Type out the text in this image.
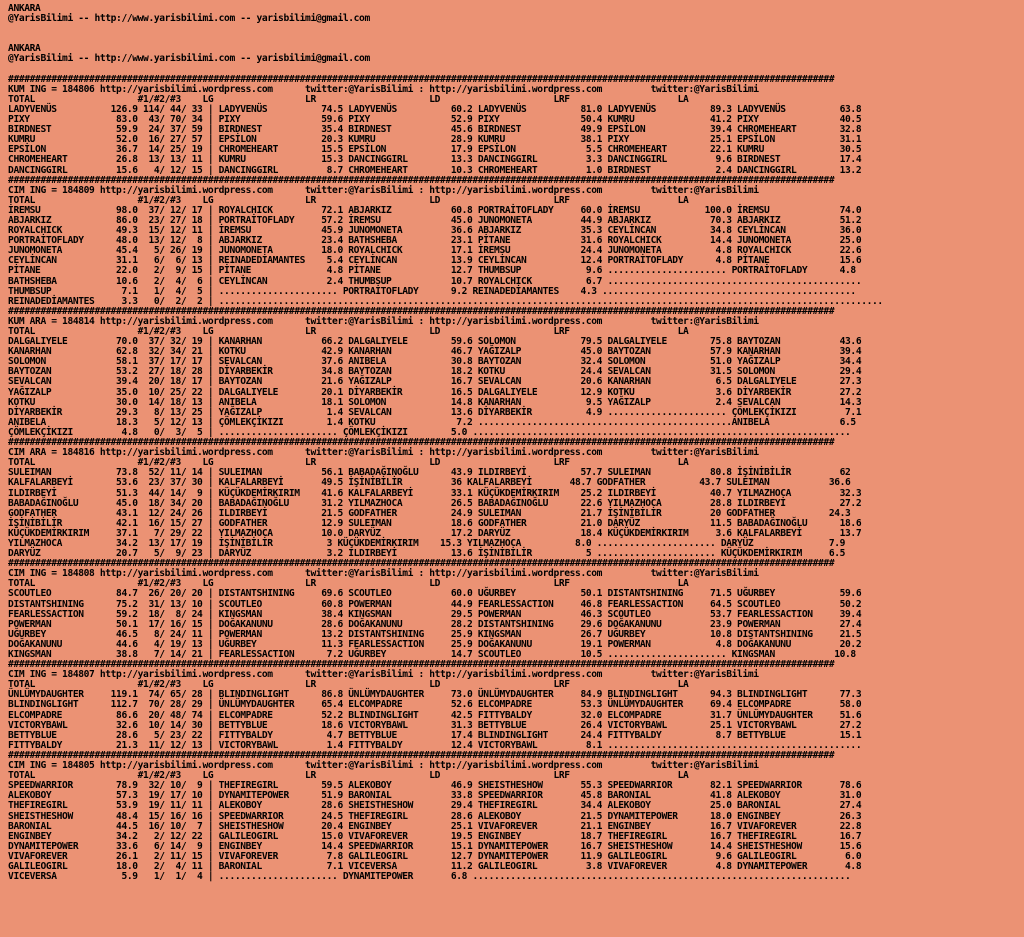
ANKARA
@YarisBilimi -- http://www.yarisbilimi.com -- yarisbilimi@gmail.com
ANKARA
@YarisBilimi -- http://www.yarisbilimi.com -- yarisbilimi@gmail.com
#########################################################################################################################################################
KUM ING = 184806 http://yarisbilimi.wordpress.com      twitter:@YarisBilimi : http://yarisbilimi.wordpress.com         twitter:@YarisBilimi
TOTAL                   #1/#2/#3    LG                 LR                     LD                     LRF                    LA
LADYVENÜS          126.9 114/ 44/ 33 | LADYVENÜS          74.5 LADYVENÜS          60.2 LADYVENÜS          81.0 LADYVENÜS          89.3 LADYVENÜS          63.8
PIXY                83.0  43/ 70/ 34 | PIXY               59.6 PIXY               52.9 PIXY               50.4 KUMRU              41.2 PIXY               40.5
BIRDNEST            59.9  24/ 37/ 59 | BIRDNEST           35.4 BIRDNEST           45.6 BIRDNEST           49.9 EPSİLON            39.4 CHROMEHEART        32.8
KUMRU               52.0  16/ 27/ 57 | EPSİLON            20.3 KUMRU              28.9 KUMRU              38.1 PIXY               25.1 EPSİLON            31.1
EPSİLON             36.7  14/ 25/ 19 | CHROMEHEART        15.5 EPSİLON            17.9 EPSİLON             5.5 CHROMEHEART        22.1 KUMRU              30.5
CHROMEHEART         26.8  13/ 13/ 11 | KUMRU              15.3 DANCINGGIRL        13.3 DANCINGGIRL         3.3 DANCINGGIRL         9.6 BIRDNEST           17.4
DANCINGGIRL         15.6   4/ 12/ 15 | DANCINGGIRL         8.7 CHROMEHEART        10.3 CHROMEHEART         1.0 BIRDNEST            2.4 DANCINGGIRL        13.2
#########################################################################################################################################################
CIM ING = 184809 http://yarisbilimi.wordpress.com      twitter:@YarisBilimi : http://yarisbilimi.wordpress.com         twitter:@YarisBilimi
TOTAL                   #1/#2/#3    LG                 LR                     LD                     LRF                    LA
İREMSU              98.0  37/ 12/ 17 | ROYALCHICK         72.1 ABJARKIZ           60.8 PORTRAİTOFLADY     60.0 İREMSU            100.0 İREMSU             74.0
ABJARKIZ            86.0  23/ 27/ 18 | PORTRAİTOFLADY     57.2 İREMSU             45.0 JUNOMONETA         44.9 ABJARKIZ           70.3 ABJARKIZ           51.2
ROYALCHICK          49.3  15/ 12/ 11 | İREMSU             45.9 JUNOMONETA         36.6 ABJARKIZ           35.3 CEYLİNCAN          34.8 CEYLİNCAN          36.0
PORTRAİTOFLADY      48.0  13/ 12/  8 | ABJARKIZ           23.4 BATHSHEBA          23.1 PİTANE             31.6 ROYALCHICK         14.4 JUNOMONETA         25.0
JUNOMONETA          45.4   5/ 26/ 19 | JUNOMONETA         18.0 ROYALCHICK         17.1 İREMSU             24.4 JUNOMONETA          4.8 ROYALCHICK         22.6
CEYLİNCAN           31.1   6/  6/ 13 | REINADEDİAMANTES    5.4 CEYLİNCAN          13.9 CEYLİNCAN          12.4 PORTRAİTOFLADY      4.8 PİTANE             15.6
PİTANE              22.0   2/  9/ 15 | PİTANE              4.8 PİTANE             12.7 THUMBSUP            9.6 ...................... PORTRAİTOFLADY      4.8
BATHSHEBA           10.6   2/  4/  6 | CEYLİNCAN           2.4 THUMBSUP           10.7 ROYALCHICK          6.7 ...............................................
THUMBSUP             7.1   1/  4/  5 | ...................... PORTRAİTOFLADY      9.2 REINADEDİAMANTES    4.3 ...............................................
REINADEDİAMANTES     3.3   0/  2/  2 | ...........................................................................................................................
#########################################################################################################################################################
KUM ARA = 184814 http://yarisbilimi.wordpress.com      twitter:@YarisBilimi : http://yarisbilimi.wordpress.com         twitter:@YarisBilimi
TOTAL                   #1/#2/#3    LG                 LR                     LD                     LRF                    LA
DALGALIYELE         70.0  37/ 32/ 19 | KANARHAN           66.2 DALGALIYELE        59.6 SOLOMON            79.5 DALGALIYELE        75.8 BAYTOZAN           43.6
KANARHAN            62.8  32/ 34/ 21 | KOTKU              42.9 KANARHAN           46.7 YAĞIZALP           45.0 BAYTOZAN           57.9 KANARHAN           39.4
SOLOMON             58.1  37/ 17/ 17 | SEVALCAN           37.6 ANIBELA            30.8 BAYTOZAN           32.4 SOLOMON            51.0 YAĞIZALP           34.4
BAYTOZAN            53.2  27/ 18/ 28 | DİYARBEKİR         34.8 BAYTOZAN           18.2 KOTKU              24.4 SEVALCAN           31.5 SOLOMON            29.4
SEVALCAN            39.4  20/ 18/ 17 | BAYTOZAN           21.6 YAĞIZALP           16.7 SEVALCAN           20.6 KANARHAN            6.5 DALGALIYELE        27.3
YAĞIZALP            35.0  10/ 25/ 22 | DALGALIYELE        20.1 DİYARBEKİR         16.5 DALGALIYELE        12.9 KOTKU               3.6 DİYARBEKİR         27.2
KOTKU               30.0  14/ 18/ 13 | ANIBELA            18.1 SOLOMON            14.8 KANARHAN            9.5 YAĞIZALP            2.4 SEVALCAN           14.3
DİYARBEKİR          29.3   8/ 13/ 25 | YAĞIZALP            1.4 SEVALCAN           13.6 DİYARBEKİR          4.9 ...................... ÇÖMLEKÇİKIZI         7.1
ANIBELA             18.3   5/ 12/ 13 | ÇÖMLEKÇİKIZI        1.4 KOTKU               7.2 ...............................................ANIBELA             6.5
ÇÖMLEKÇİKIZI         4.8   0/  3/  5 | ...................... ÇÖMLEKÇİKIZI        5.0 ......................................................................
#########################################################################################################################################################
CIM ARA = 184816 http://yarisbilimi.wordpress.com      twitter:@YarisBilimi : http://yarisbilimi.wordpress.com         twitter:@YarisBilimi
TOTAL                   #1/#2/#3    LG                 LR                     LD                     LRF                    LA
SULEIMAN            73.8  52/ 11/ 14 | SULEIMAN           56.1 BABADAĞINOĞLU      43.9 ILDIRBEYİ          57.7 SULEIMAN           80.8 İŞİNİBİLİR         62
KALFALARBEYİ        53.6  23/ 37/ 30 | KALFALARBEYİ       49.5 İŞİNİBİLİR         36 KALFALARBEYİ       48.7 GODFATHER          43.7 SULEIMAN           36.6
ILDIRBEYİ           51.3  44/ 14/  9 | KÜÇÜKDEMİRKIRIM    41.6 KALFALARBEYİ       33.1 KÜÇÜKDEMİRKIRIM    25.2 ILDIRBEYİ          40.7 YILMAZHOCA         32.3
BABADAĞINOĞLU       45.0  18/ 34/ 20 | BABADAĞINOĞLU      31.2 YILMAZHOCA         26.5 BABADAĞINOĞLU      22.6 YILMAZHOCA         28.8 ILDIRBEYİ          27.2
GODFATHER           43.1  12/ 24/ 26 | ILDIRBEYİ          21.5 GODFATHER          24.9 SULEIMAN           21.7 İŞİNİBİLİR         20 GODFATHER          24.3
İŞİNİBİLİR          42.1  16/ 15/ 27 | GODFATHER          12.9 SULEIMAN           18.6 GODFATHER          21.0 DARYÜZ             11.5 BABADAĞINOĞLU      18.6
KÜÇÜKDEMİRKIRIM     37.1   7/ 29/ 22 | YILMAZHOCA         10.0 DARYÜZ             17.2 DARYÜZ             18.4 KÜÇÜKDEMİRKIRIM     3.6 KALFALARBEYİ       13.7
YILMAZHOCA          34.2  13/ 17/ 19 | İŞİNİBİLİR          3 KÜÇÜKDEMİRKIRIM    15.3 YILMAZHOCA          8.0 ...................... DARYÜZ              7.9
DARYÜZ              20.7   5/  9/ 23 | DARYÜZ              3.2 ILDIRBEYİ          13.6 İŞİNİBİLİR          5 ...................... KÜÇÜKDEMİRKIRIM     6.5
#########################################################################################################################################################
CIM ING = 184808 http://yarisbilimi.wordpress.com      twitter:@YarisBilimi : http://yarisbilimi.wordpress.com         twitter:@YarisBilimi
TOTAL                   #1/#2/#3    LG                 LR                     LD                     LRF                    LA
SCOUTLEO            84.7  26/ 20/ 20 | DISTANTSHINING     69.6 SCOUTLEO           60.0 UĞURBEY            50.1 DISTANTSHINING     71.5 UĞURBEY            59.6
DISTANTSHINING      75.2  31/ 13/ 10 | SCOUTLEO           60.8 POWERMAN           44.9 FEARLESSACTION     46.8 FEARLESSACTION     64.5 SCOUTLEO           50.2
FEARLESSACTION      59.2  18/  8/ 24 | KINGSMAN           38.4 KINGSMAN           29.5 POWERMAN           46.3 SCOUTLEO           53.7 FEARLESSACTION     39.4
POWERMAN            50.1  17/ 16/ 15 | DOĞAKANUNU         28.6 DOĞAKANUNU         28.2 DISTANTSHINING     29.6 DOĞAKANUNU         23.9 POWERMAN           27.4
UĞURBEY             46.5   8/ 24/ 11 | POWERMAN           13.2 DISTANTSHINING     25.9 KINGSMAN           26.7 UĞURBEY            10.8 DISTANTSHINING     21.5
DOĞAKANUNU          44.6   4/ 19/ 13 | UĞURBEY            11.3 FEARLESSACTION     25.9 DOĞAKANUNU         19.1 POWERMAN            4.8 DOĞAKANUNU         20.2
KINGSMAN            38.8   7/ 14/ 21 | FEARLESSACTION      7.2 UĞURBEY            14.7 SCOUTLEO           10.5 ...................... KINGSMAN           10.8
#########################################################################################################################################################
CIM ING = 184807 http://yarisbilimi.wordpress.com      twitter:@YarisBilimi : http://yarisbilimi.wordpress.com         twitter:@YarisBilimi
TOTAL                   #1/#2/#3    LG                 LR                     LD                     LRF                    LA
ÜNLÜMYDAUGHTER     119.1  74/ 65/ 28 | BLINDINGLIGHT      86.8 ÜNLÜMYDAUGHTER     73.0 ÜNLÜMYDAUGHTER     84.9 BLINDINGLIGHT      94.3 BLINDINGLIGHT      77.3
BLINDINGLIGHT      112.7  70/ 28/ 29 | ÜNLÜMYDAUGHTER     65.4 ELCOMPADRE         52.6 ELCOMPADRE         53.3 ÜNLÜMYDAUGHTER     69.4 ELCOMPADRE         58.0
ELCOMPADRE          86.6  20/ 48/ 74 | ELCOMPADRE         52.2 BLINDINGLIGHT      42.5 FITTYBALDY         32.0 ELCOMPADRE         31.7 ÜNLÜMYDAUGHTER     51.6
VICTORYBAWL         32.6  10/ 14/ 30 | BETTYBLUE          18.6 VICTORYBAWL        31.3 BETTYBLUE          26.4 VICTORYBAWL        25.1 VICTORYBAWL        27.2
BETTYBLUE           28.6   5/ 23/ 22 | FITTYBALDY          4.7 BETTYBLUE          17.4 BLINDINGLIGHT      24.4 FITTYBALDY          8.7 BETTYBLUE          15.1
FITTYBALDY          21.3  11/ 12/ 13 | VICTORYBAWL         1.4 FITTYBALDY         12.4 VICTORYBAWL         8.1 ...............................................
#########################################################################################################################################################
CIM ING = 184805 http://yarisbilimi.wordpress.com      twitter:@YarisBilimi : http://yarisbilimi.wordpress.com         twitter:@YarisBilimi
TOTAL                   #1/#2/#3    LG                 LR                     LD                     LRF                    LA
SPEEDWARRIOR        78.9  32/ 10/  9 | THEFIREGIRL        59.5 ALEKOBOY           46.9 SHEISTHESHOW       55.3 SPEEDWARRIOR       82.1 SPEEDWARRIOR       78.6
ALEKOBOY            57.3  19/ 17/ 10 | DYNAMITEPOWER      51.9 BARONIAL           33.8 SPEEDWARRIOR       45.8 BARONIAL           41.8 ALEKOBOY           31.0
THEFIREGIRL         53.9  19/ 11/ 11 | ALEKOBOY           28.6 SHEISTHESHOW       29.4 THEFIREGIRL        34.4 ALEKOBOY           25.0 BARONIAL           27.4
SHEISTHESHOW        48.4  15/ 16/ 16 | SPEEDWARRIOR       24.5 THEFIREGIRL        28.6 ALEKOBOY           21.5 DYNAMITEPOWER      18.0 ENGINBEY           26.3
BARONIAL            44.5  16/ 10/  7 | SHEISTHESHOW       20.4 ENGINBEY           25.1 VIVAFOREVER        21.1 ENGINBEY           16.7 VIVAFOREVER        22.8
ENGINBEY            34.2   2/ 12/ 22 | GALILEOGIRL        15.0 VIVAFOREVER        19.5 ENGINBEY           18.7 THEFIREGIRL        16.7 THEFIREGIRL        16.7
DYNAMITEPOWER       33.6   6/ 14/  9 | ENGINBEY           14.4 SPEEDWARRIOR       15.1 DYNAMITEPOWER      16.7 SHEISTHESHOW       14.4 SHEISTHESHOW       15.6
VIVAFOREVER         26.1   2/ 11/ 15 | VIVAFOREVER         7.8 GALILEOGIRL        12.7 DYNAMITEPOWER      11.9 GALILEOGIRL         9.6 GALILEOGIRL         6.0
GALILEOGIRL         18.0   2/  4/ 11 | BARONIAL            7.1 VICEVERSA          11.2 GALILEOGIRL         3.8 VIVAFOREVER         4.8 DYNAMITEPOWER       4.8
VICEVERSA            5.9   1/  1/  4 | ...................... DYNAMITEPOWER       6.8 ......................................................................
